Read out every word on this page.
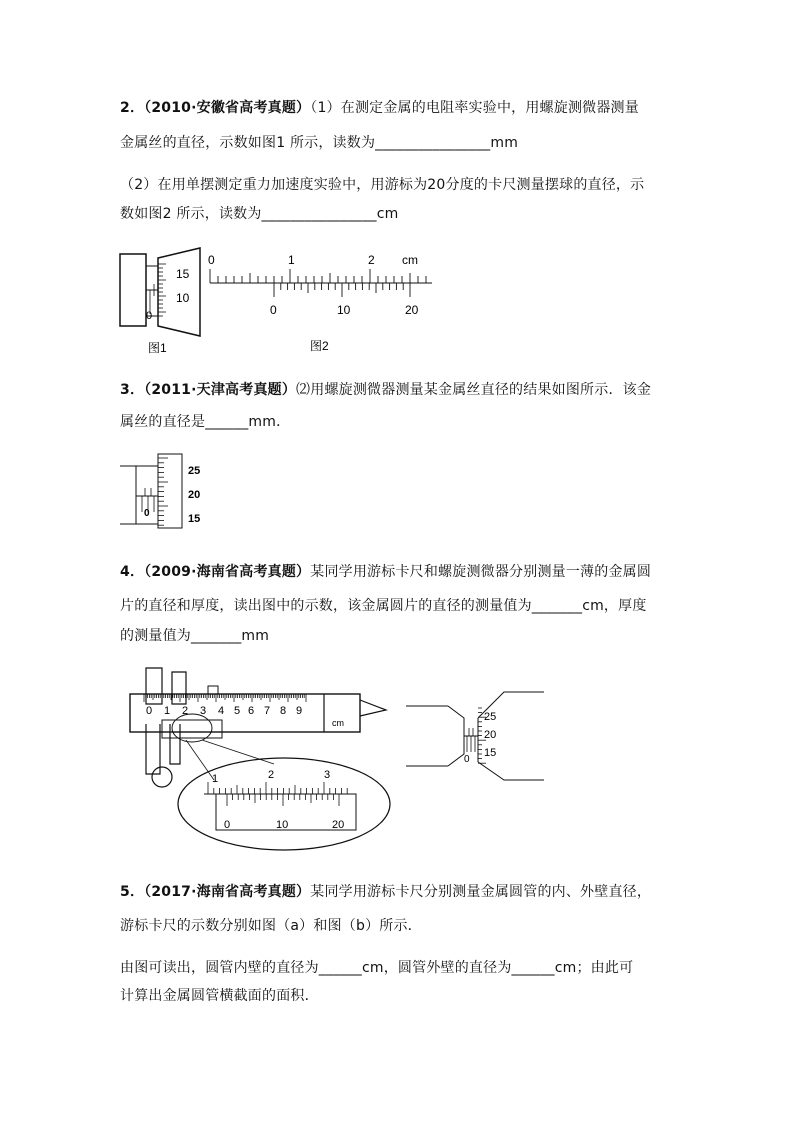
2．（2010·安徽省高考真题）（1）在测定金属的电阻率实验中，用螺旋测微器测量
金属丝的直径，示数如图1 所示，读数为________________mm
（2）在用单摆测定重力加速度实验中，用游标为20分度的卡尺测量摆球的直径，示
数如图2 所示，读数为________________cm
15
10
0
图1
0	1	2 cm
0	10	20
图2
3．（2011·天津高考真题）⑵用螺旋测微器测量某金属丝直径的结果如图所示．该金
属丝的直径是______mm．
0
25
20
15
4．（2009·海南省高考真题）某同学用游标卡尺和螺旋测微器分别测量一薄的金属圆
片的直径和厚度，读出图中的示数，该金属圆片的直径的测量值为_______cm，厚度
的测量值为_______mm
0 1 2 3 4 5 6 7 8 9
cm
1	2	3
0	10	20
0
25
20
15
5．（2017·海南省高考真题）某同学用游标卡尺分别测量金属圆管的内、外壁直径，
游标卡尺的示数分别如图（a）和图（b）所示．
由图可读出，圆管内壁的直径为______cm，圆管外壁的直径为______cm；由此可
计算出金属圆管横截面的面积．
